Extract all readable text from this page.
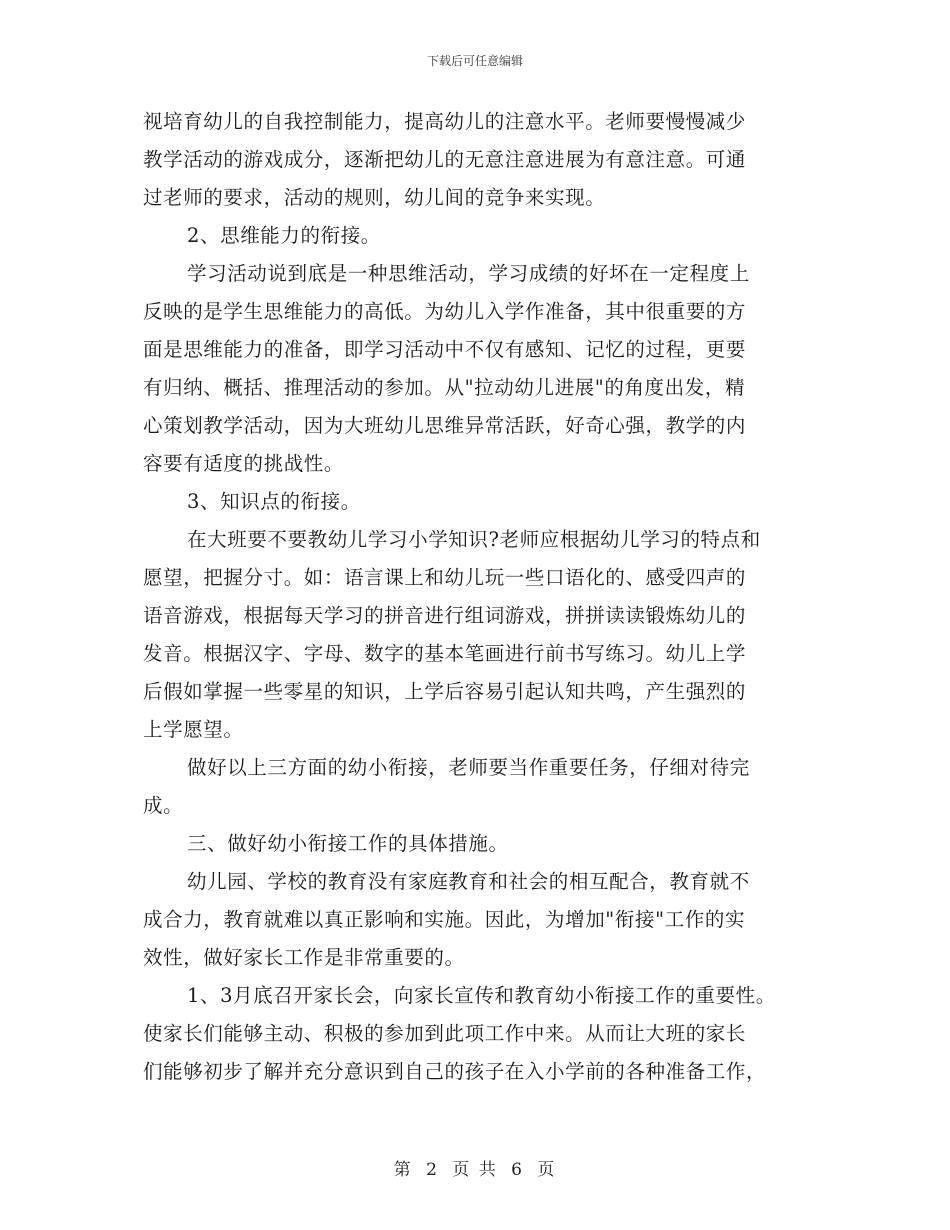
下载后可任意编辑
视培育幼儿的自我控制能力，提高幼儿的注意水平。老师要慢慢减少
教学活动的游戏成分，逐渐把幼儿的无意注意进展为有意注意。可通
过老师的要求，活动的规则，幼儿间的竞争来实现。
2、思维能力的衔接。
学习活动说到底是一种思维活动，学习成绩的好坏在一定程度上
反映的是学生思维能力的高低。为幼儿入学作准备，其中很重要的方
面是思维能力的准备，即学习活动中不仅有感知、记忆的过程，更要
有归纳、概括、推理活动的参加。从"拉动幼儿进展"的角度出发，精
心策划教学活动，因为大班幼儿思维异常活跃，好奇心强，教学的内
容要有适度的挑战性。
3、知识点的衔接。
在大班要不要教幼儿学习小学知识?老师应根据幼儿学习的特点和
愿望，把握分寸。如：语言课上和幼儿玩一些口语化的、感受四声的
语音游戏，根据每天学习的拼音进行组词游戏，拼拼读读锻炼幼儿的
发音。根据汉字、字母、数字的基本笔画进行前书写练习。幼儿上学
后假如掌握一些零星的知识，上学后容易引起认知共鸣，产生强烈的
上学愿望。
做好以上三方面的幼小衔接，老师要当作重要任务，仔细对待完
成。
三、做好幼小衔接工作的具体措施。
幼儿园、学校的教育没有家庭教育和社会的相互配合，教育就不
成合力，教育就难以真正影响和实施。因此，为增加"衔接"工作的实
效性，做好家长工作是非常重要的。
1、3月底召开家长会，向家长宣传和教育幼小衔接工作的重要性。
使家长们能够主动、积极的参加到此项工作中来。从而让大班的家长
们能够初步了解并充分意识到自己的孩子在入小学前的各种准备工作，
第 2 页 共 6 页
